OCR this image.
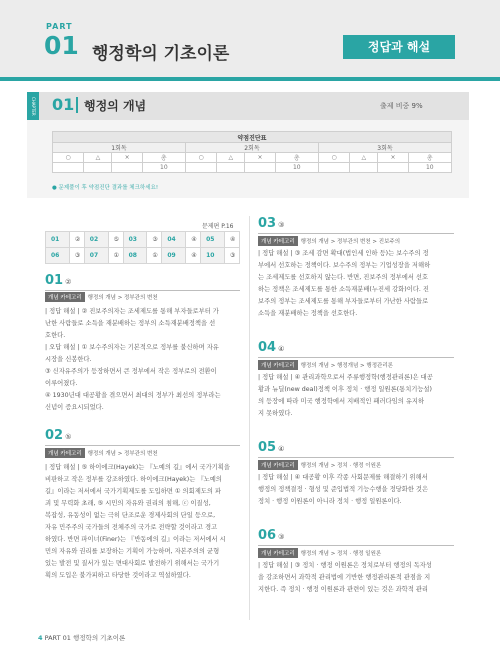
PART
01 행정학의 기초이론	정답과 해설
CHAPTER 01 행정의 개념	출제 비중 9%
약점진단표											
1회독				2회독				3회독			
○	△	×	총	○	△	×	총	○	△	×	총
			10				10				10
● 문제풀이 후 약점진단 결과를 체크하세요!
문제편 P.16									
01	②	02	⑤	03	③	04	④	05	④
06	③	07	①	08	①	09	④	10	③
01 ②
개념 카테고리 행정의 개념 > 정부관의 변천
| 정답 해설 | ② 진보주의자는 조세제도를 통해 부자들로부터 가
난한 사람들로 소득을 재분배하는 정부의 소득재분배정책을 선
호한다.
| 오답 해설 | ① 보수주의자는 기본적으로 정부를 불신하며 자유
시장을 신봉한다.
③ 신자유주의가 등장하면서 큰 정부에서 작은 정부로의 전환이
이루어졌다.
④ 1930년대 대공황을 겪으면서 최대의 정부가 최선의 정부라는
신념이 증요시되었다.
02 ⑤
개념 카테고리 행정의 개념 > 정부관의 변천
| 정답 해설 | ⑤ 하이에크(Hayek)는 『노예의 길』에서 국가기획을
비판하고 작은 정부를 강조하였다. 하이에크(Hayek)는 『노예의
길』이라는 저서에서 국가기획제도를 도입하면 ① 의회제도의 파
괴 및 무력화 초래, ⑤ 시민의 자유와 권리의 침해, ⓒ 이질성,
복잡성, 유동성이 없는 극히 단조로운 경제사회의 단일 등으로,
자유 민주주의 국가들의 전체주의 국가로 전략할 것이라고 경고
하였다. 반면 파이너(Finer)는 『반동에의 길』이라는 저서에서 시
민의 자유와 권리를 보장하는 기획이 가능하며, 자본주의의 균형
있는 발전 및 질서가 있는 면대사회로 발전하기 위해서는 국가기
획의 도입은 불가피하고 타당한 것이라고 역설하였다.
03 ③
개념 카테고리 행정의 개념 > 정부관의 변천 > 진보주의
| 정답 해설 | ③ 조세 감면 확대(법인세 인하 등)는 보수주의 정
부에서 선호하는 정책이다. 보수주의 정부는 기업성장을 저해하
는 조세제도를 선호하지 않는다. 반면, 진보주의 정부에서 선호
하는 정책은 조세제도를 통한 소득재분배(누진세 강화)이다. 진
보주의 정부는 조세제도를 통해 부자들로부터 가난한 사람들로
소득을 재분배하는 정책을 선호한다.
04 ④
개념 카테고리 행정의 개념 > 행정개념 > 행정관리론
| 정답 해설 | ④ 관리과학으로서 주류행정학(행정관리론)은 대공
황과 뉴딜(new deal)정책 이후 정치 · 행정 일원론(통치기능설)
의 등장에 따라 미국 행정학에서 지배적인 패러다임의 유지하
지 못하였다.
05 ④
개념 카테고리 행정의 개념 > 정치 · 행정 이원론
| 정답 해설 | ④ 대공황 이후 각종 사회문제를 해결하기 위해서
행정의 정책결정 · 형성 및 준입법적 기능수행을 정당화한 것은
정치 · 행정 이원론이 아니라 정치 · 행정 일원론이다.
06 ③
개념 카테고리 행정의 개념 > 정치 · 행정 일원론
| 정답 해설 | ③ 정치 · 행정 이원론은 정치로부터 행정의 독자성
을 강조하면서 과학적 관리법에 기반한 행정관리론적 관점을 지
지한다. 즉 정치 · 행정 이원론과 관련이 있는 것은 과학적 관리
4 PART 01 행정학의 기초이론
